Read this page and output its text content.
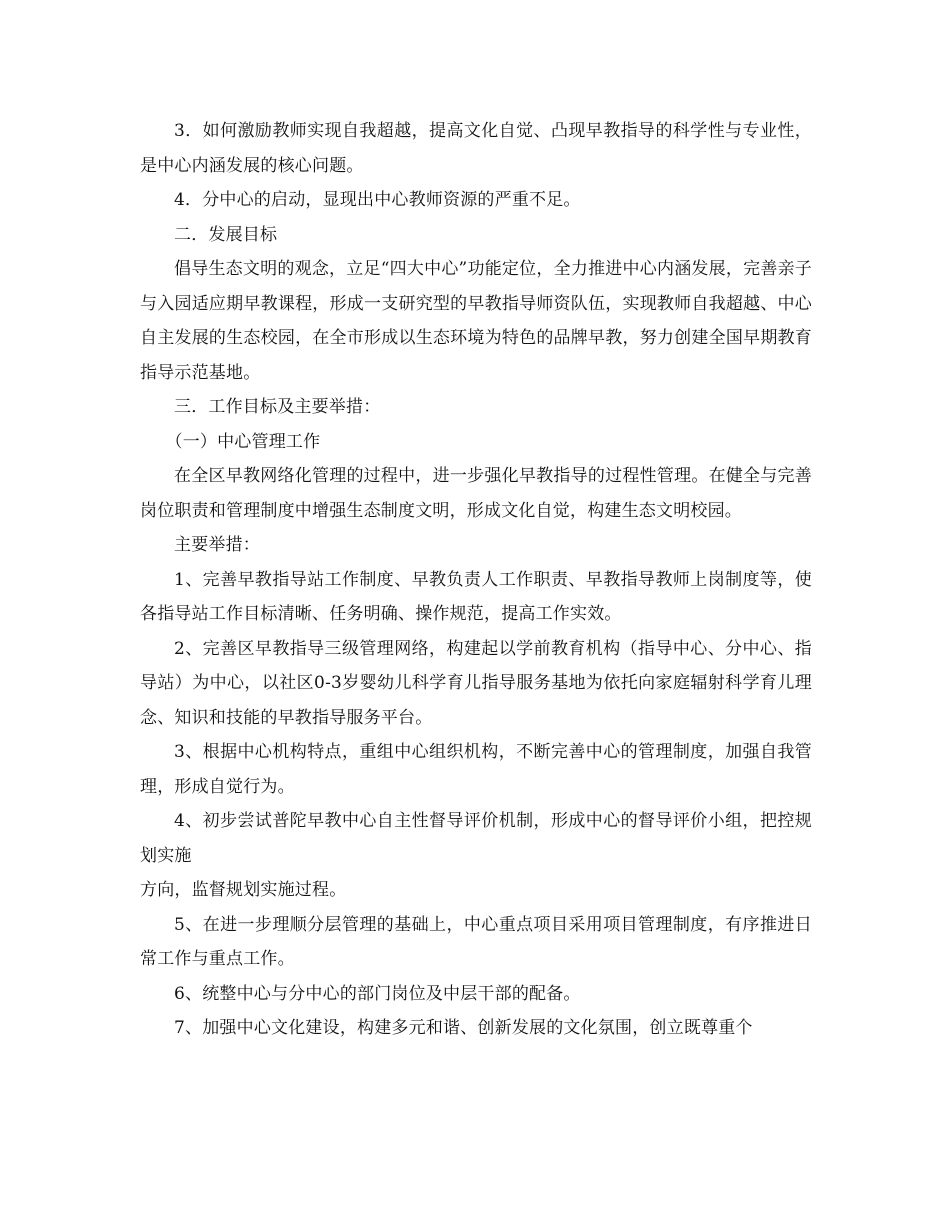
3．如何激励教师实现自我超越，提高文化自觉、凸现早教指导的科学性与专业性，是中心内涵发展的核心问题。

4．分中心的启动，显现出中心教师资源的严重不足。

二．发展目标

倡导生态文明的观念，立足“四大中心”功能定位，全力推进中心内涵发展，完善亲子与入园适应期早教课程，形成一支研究型的早教指导师资队伍，实现教师自我超越、中心自主发展的生态校园，在全市形成以生态环境为特色的品牌早教，努力创建全国早期教育指导示范基地。

三．工作目标及主要举措：

（一）中心管理工作

在全区早教网络化管理的过程中，进一步强化早教指导的过程性管理。在健全与完善岗位职责和管理制度中增强生态制度文明，形成文化自觉，构建生态文明校园。

主要举措：

1、完善早教指导站工作制度、早教负责人工作职责、早教指导教师上岗制度等，使各指导站工作目标清晰、任务明确、操作规范，提高工作实效。

2、完善区早教指导三级管理网络，构建起以学前教育机构（指导中心、分中心、指导站）为中心，以社区0-3岁婴幼儿科学育儿指导服务基地为依托向家庭辐射科学育儿理念、知识和技能的早教指导服务平台。

3、根据中心机构特点，重组中心组织机构，不断完善中心的管理制度，加强自我管理，形成自觉行为。

4、初步尝试普陀早教中心自主性督导评价机制，形成中心的督导评价小组，把控规划实施

方向，监督规划实施过程。

5、在进一步理顺分层管理的基础上，中心重点项目采用项目管理制度，有序推进日常工作与重点工作。

6、统整中心与分中心的部门岗位及中层干部的配备。

7、加强中心文化建设，构建多元和谐、创新发展的文化氛围，创立既尊重个
